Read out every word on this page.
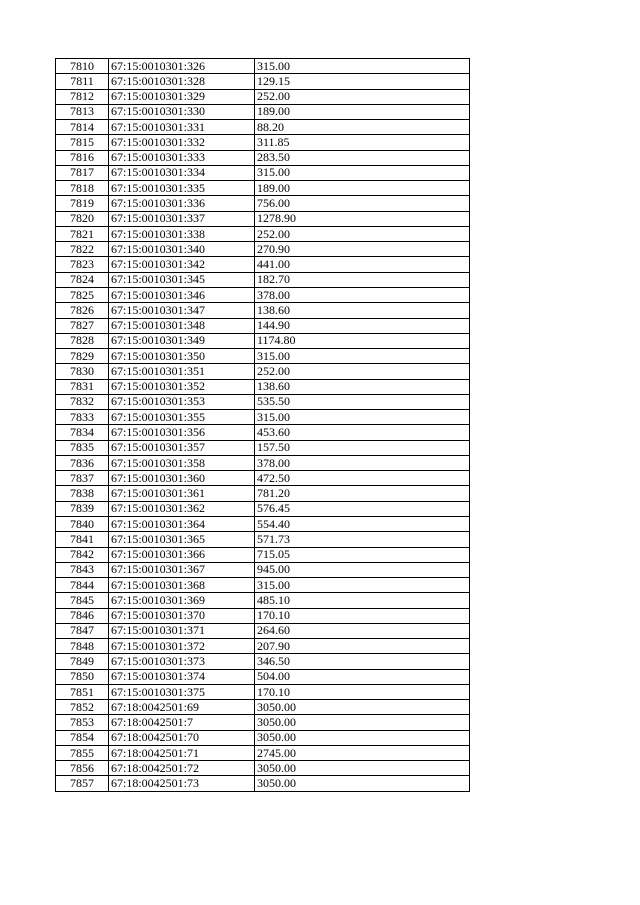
7810	67:15:0010301:326	315.00
7811	67:15:0010301:328	129.15
7812	67:15:0010301:329	252.00
7813	67:15:0010301:330	189.00
7814	67:15:0010301:331	88.20
7815	67:15:0010301:332	311.85
7816	67:15:0010301:333	283.50
7817	67:15:0010301:334	315.00
7818	67:15:0010301:335	189.00
7819	67:15:0010301:336	756.00
7820	67:15:0010301:337	1278.90
7821	67:15:0010301:338	252.00
7822	67:15:0010301:340	270.90
7823	67:15:0010301:342	441.00
7824	67:15:0010301:345	182.70
7825	67:15:0010301:346	378.00
7826	67:15:0010301:347	138.60
7827	67:15:0010301:348	144.90
7828	67:15:0010301:349	1174.80
7829	67:15:0010301:350	315.00
7830	67:15:0010301:351	252.00
7831	67:15:0010301:352	138.60
7832	67:15:0010301:353	535.50
7833	67:15:0010301:355	315.00
7834	67:15:0010301:356	453.60
7835	67:15:0010301:357	157.50
7836	67:15:0010301:358	378.00
7837	67:15:0010301:360	472.50
7838	67:15:0010301:361	781.20
7839	67:15:0010301:362	576.45
7840	67:15:0010301:364	554.40
7841	67:15:0010301:365	571.73
7842	67:15:0010301:366	715.05
7843	67:15:0010301:367	945.00
7844	67:15:0010301:368	315.00
7845	67:15:0010301:369	485.10
7846	67:15:0010301:370	170.10
7847	67:15:0010301:371	264.60
7848	67:15:0010301:372	207.90
7849	67:15:0010301:373	346.50
7850	67:15:0010301:374	504.00
7851	67:15:0010301:375	170.10
7852	67:18:0042501:69	3050.00
7853	67:18:0042501:7	3050.00
7854	67:18:0042501:70	3050.00
7855	67:18:0042501:71	2745.00
7856	67:18:0042501:72	3050.00
7857	67:18:0042501:73	3050.00
